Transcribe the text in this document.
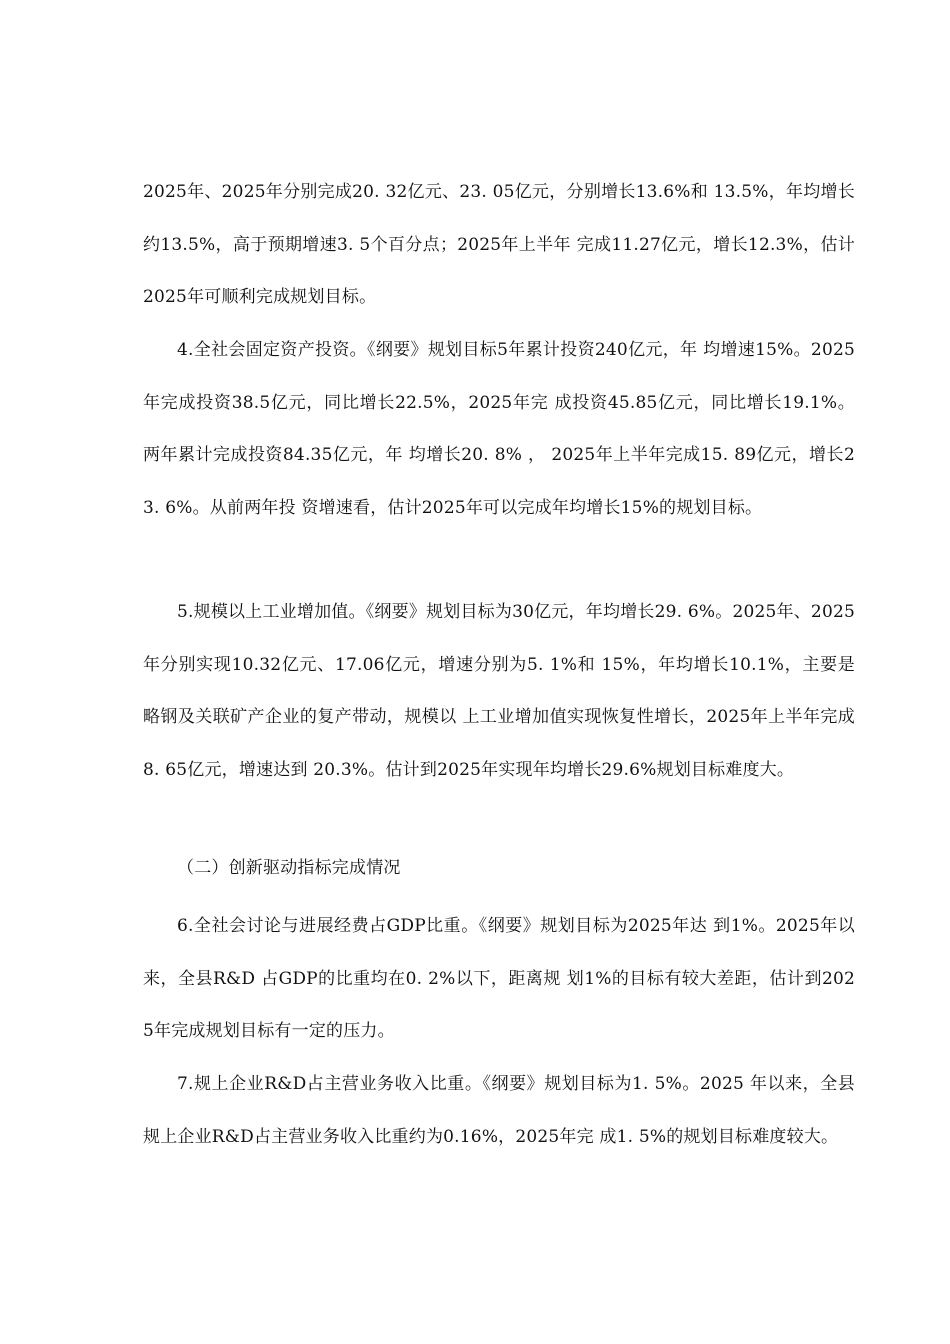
2025年、2025年分别完成20. 32亿元、23. 05亿元，分别增长13.6%和 13.5%，年均增长约13.5%，高于预期增速3. 5个百分点；2025年上半年 完成11.27亿元，增长12.3%，估计2025年可顺利完成规划目标。

4.全社会固定资产投资。《纲要》规划目标5年累计投资240亿元，年 均增速15%。2025年完成投资38.5亿元，同比增长22.5%，2025年完 成投资45.85亿元，同比增长19.1%。两年累计完成投资84.35亿元，年 均增长20. 8% ， 2025年上半年完成15. 89亿元，增长23. 6%。从前两年投 资增速看，估计2025年可以完成年均增长15%的规划目标。

5.规模以上工业增加值。《纲要》规划目标为30亿元，年均增长29. 6%。2025年、2025年分别实现10.32亿元、17.06亿元，增速分别为5. 1%和 15%，年均增长10.1%，主要是略钢及关联矿产企业的复产带动，规模以 上工业增加值实现恢复性增长，2025年上半年完成8. 65亿元，增速达到 20.3%。估计到2025年实现年均增长29.6%规划目标难度大。

（二）创新驱动指标完成情况

6.全社会讨论与进展经费占GDP比重。《纲要》规划目标为2025年达 到1%。2025年以来，全县R&D 占GDP的比重均在0. 2%以下，距离规 划1%的目标有较大差距，估计到2025年完成规划目标有一定的压力。

7.规上企业R&D占主营业务收入比重。《纲要》规划目标为1. 5%。2025 年以来，全县规上企业R&D占主营业务收入比重约为0.16%，2025年完 成1. 5%的规划目标难度较大。
